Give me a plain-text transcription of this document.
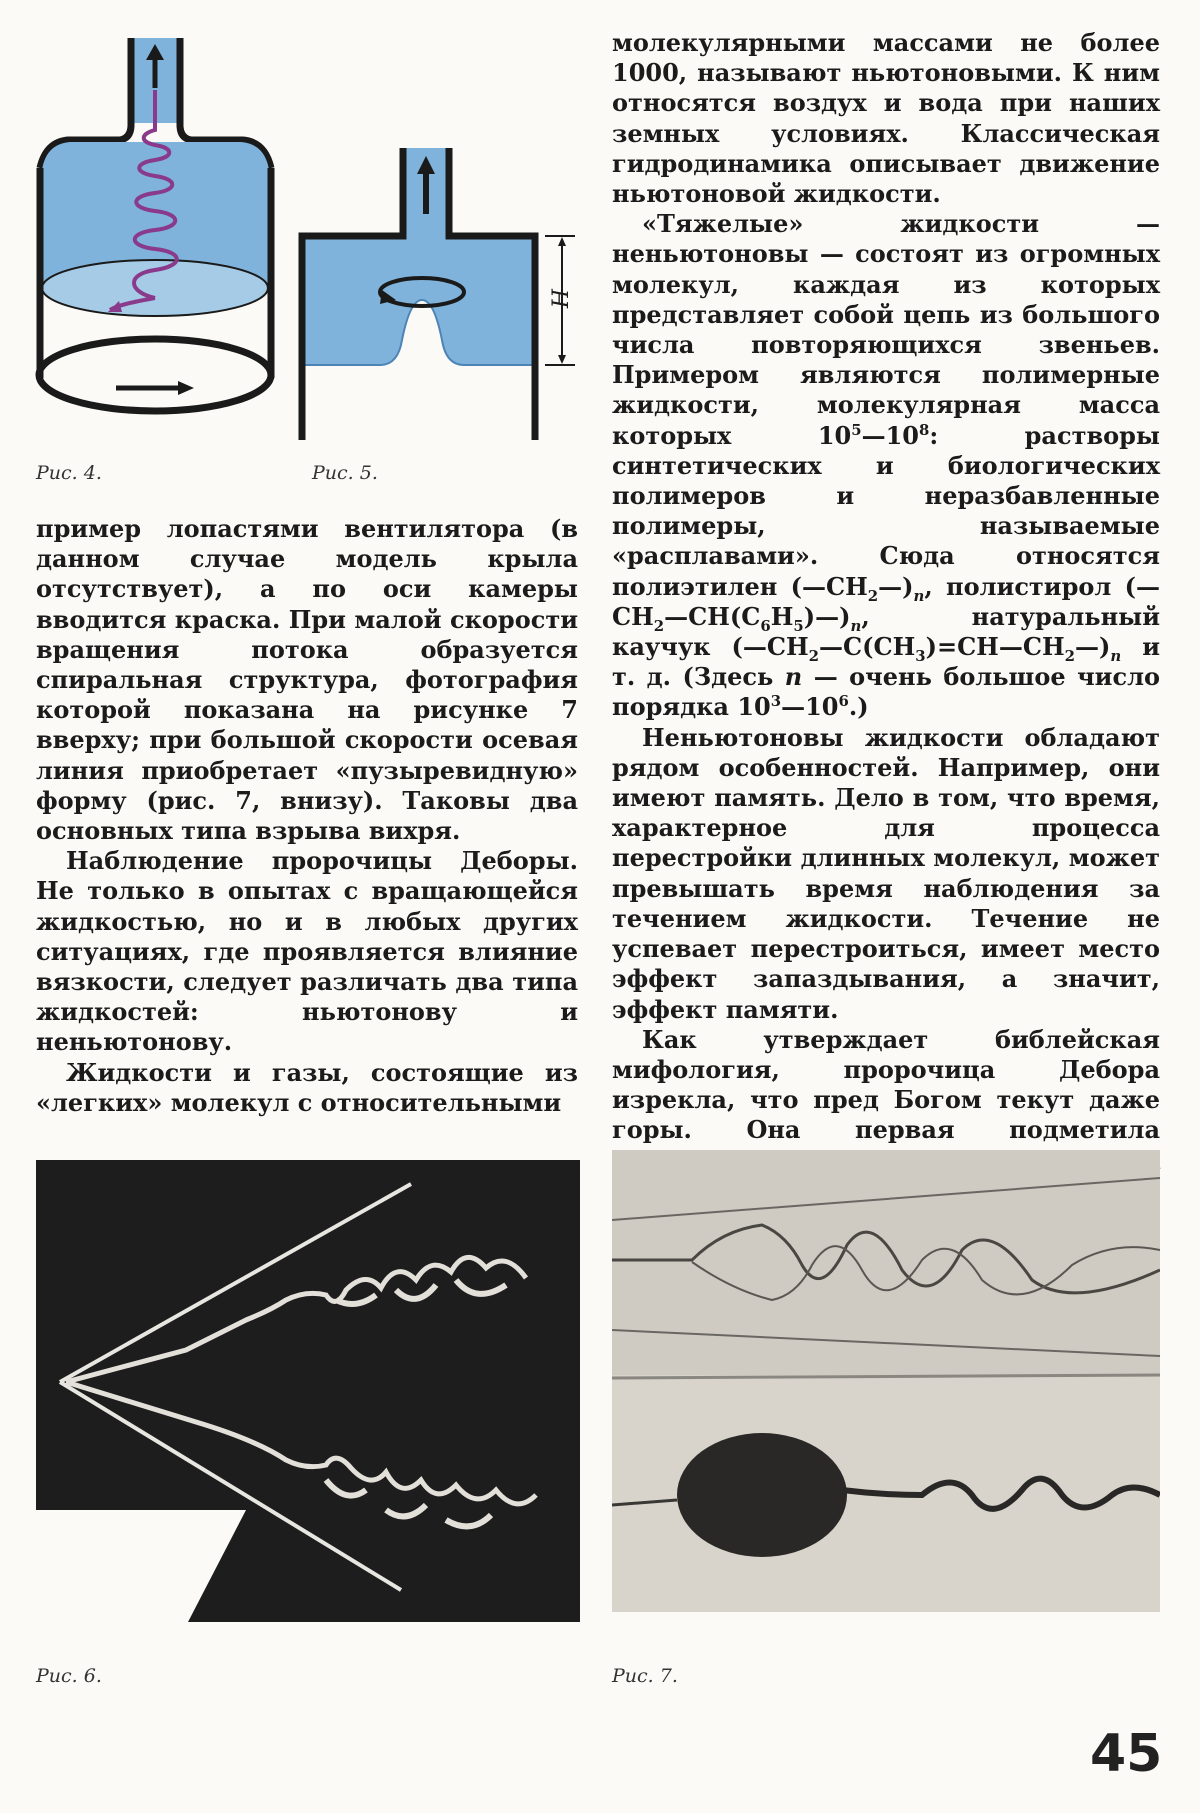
Рис. 4.
H
Рис. 5.

пример лопастями вентилятора (в данном случае модель крыла отсутствует), а по оси камеры вводится краска. При малой скорости вращения потока образуется спиральная структура, фотография которой показана на рисунке 7 вверху; при большой скорости осевая линия приобретает «пузыревидную» форму (рис. 7, внизу). Таковы два основных типа взрыва вихря.

Наблюдение пророчицы Деборы. Не только в опытах с вращающейся жидкостью, но и в любых других ситуациях, где проявляется влияние вязкости, следует различать два типа жидкостей: ньютонову и неньютонову.

Жидкости и газы, состоящие из «легких» молекул с относительными

молекулярными массами не более 1000, называют ньютоновыми. К ним относятся воздух и вода при наших земных условиях. Классическая гидродинамика описывает движение ньютоновой жидкости.

«Тяжелые» жидкости — неньютоновы — состоят из огромных молекул, каждая из которых представляет собой цепь из большого числа повторяющихся звеньев. Примером являются полимерные жидкости, молекулярная масса которых $10^5—10^8$: растворы синтетических и биологических полимеров и неразбавленные полимеры, называемые «расплавами». Сюда относятся полиэтилен $(—CH_2—)_n$, полистирол $(—CH_2—CH(C_6H_5)—)_n$, натуральный каучук $(—CH_2—C(CH_3)=CH—CH_2—)_n$ и т. д. (Здесь n — очень большое число порядка $10^3—10^6$.)

Неньютоновы жидкости обладают рядом особенностей. Например, они имеют память. Дело в том, что время, характерное для процесса перестройки длинных молекул, может превышать время наблюдения за течением жидкости. Течение не успевает перестроиться, имеет место эффект запаздывания, а значит, эффект памяти.

Как утверждает библейская мифология, пророчица Дебора изрекла, что пред Богом текут даже горы. Она первая подметила

Рис. 6.	Рис. 7.
45
